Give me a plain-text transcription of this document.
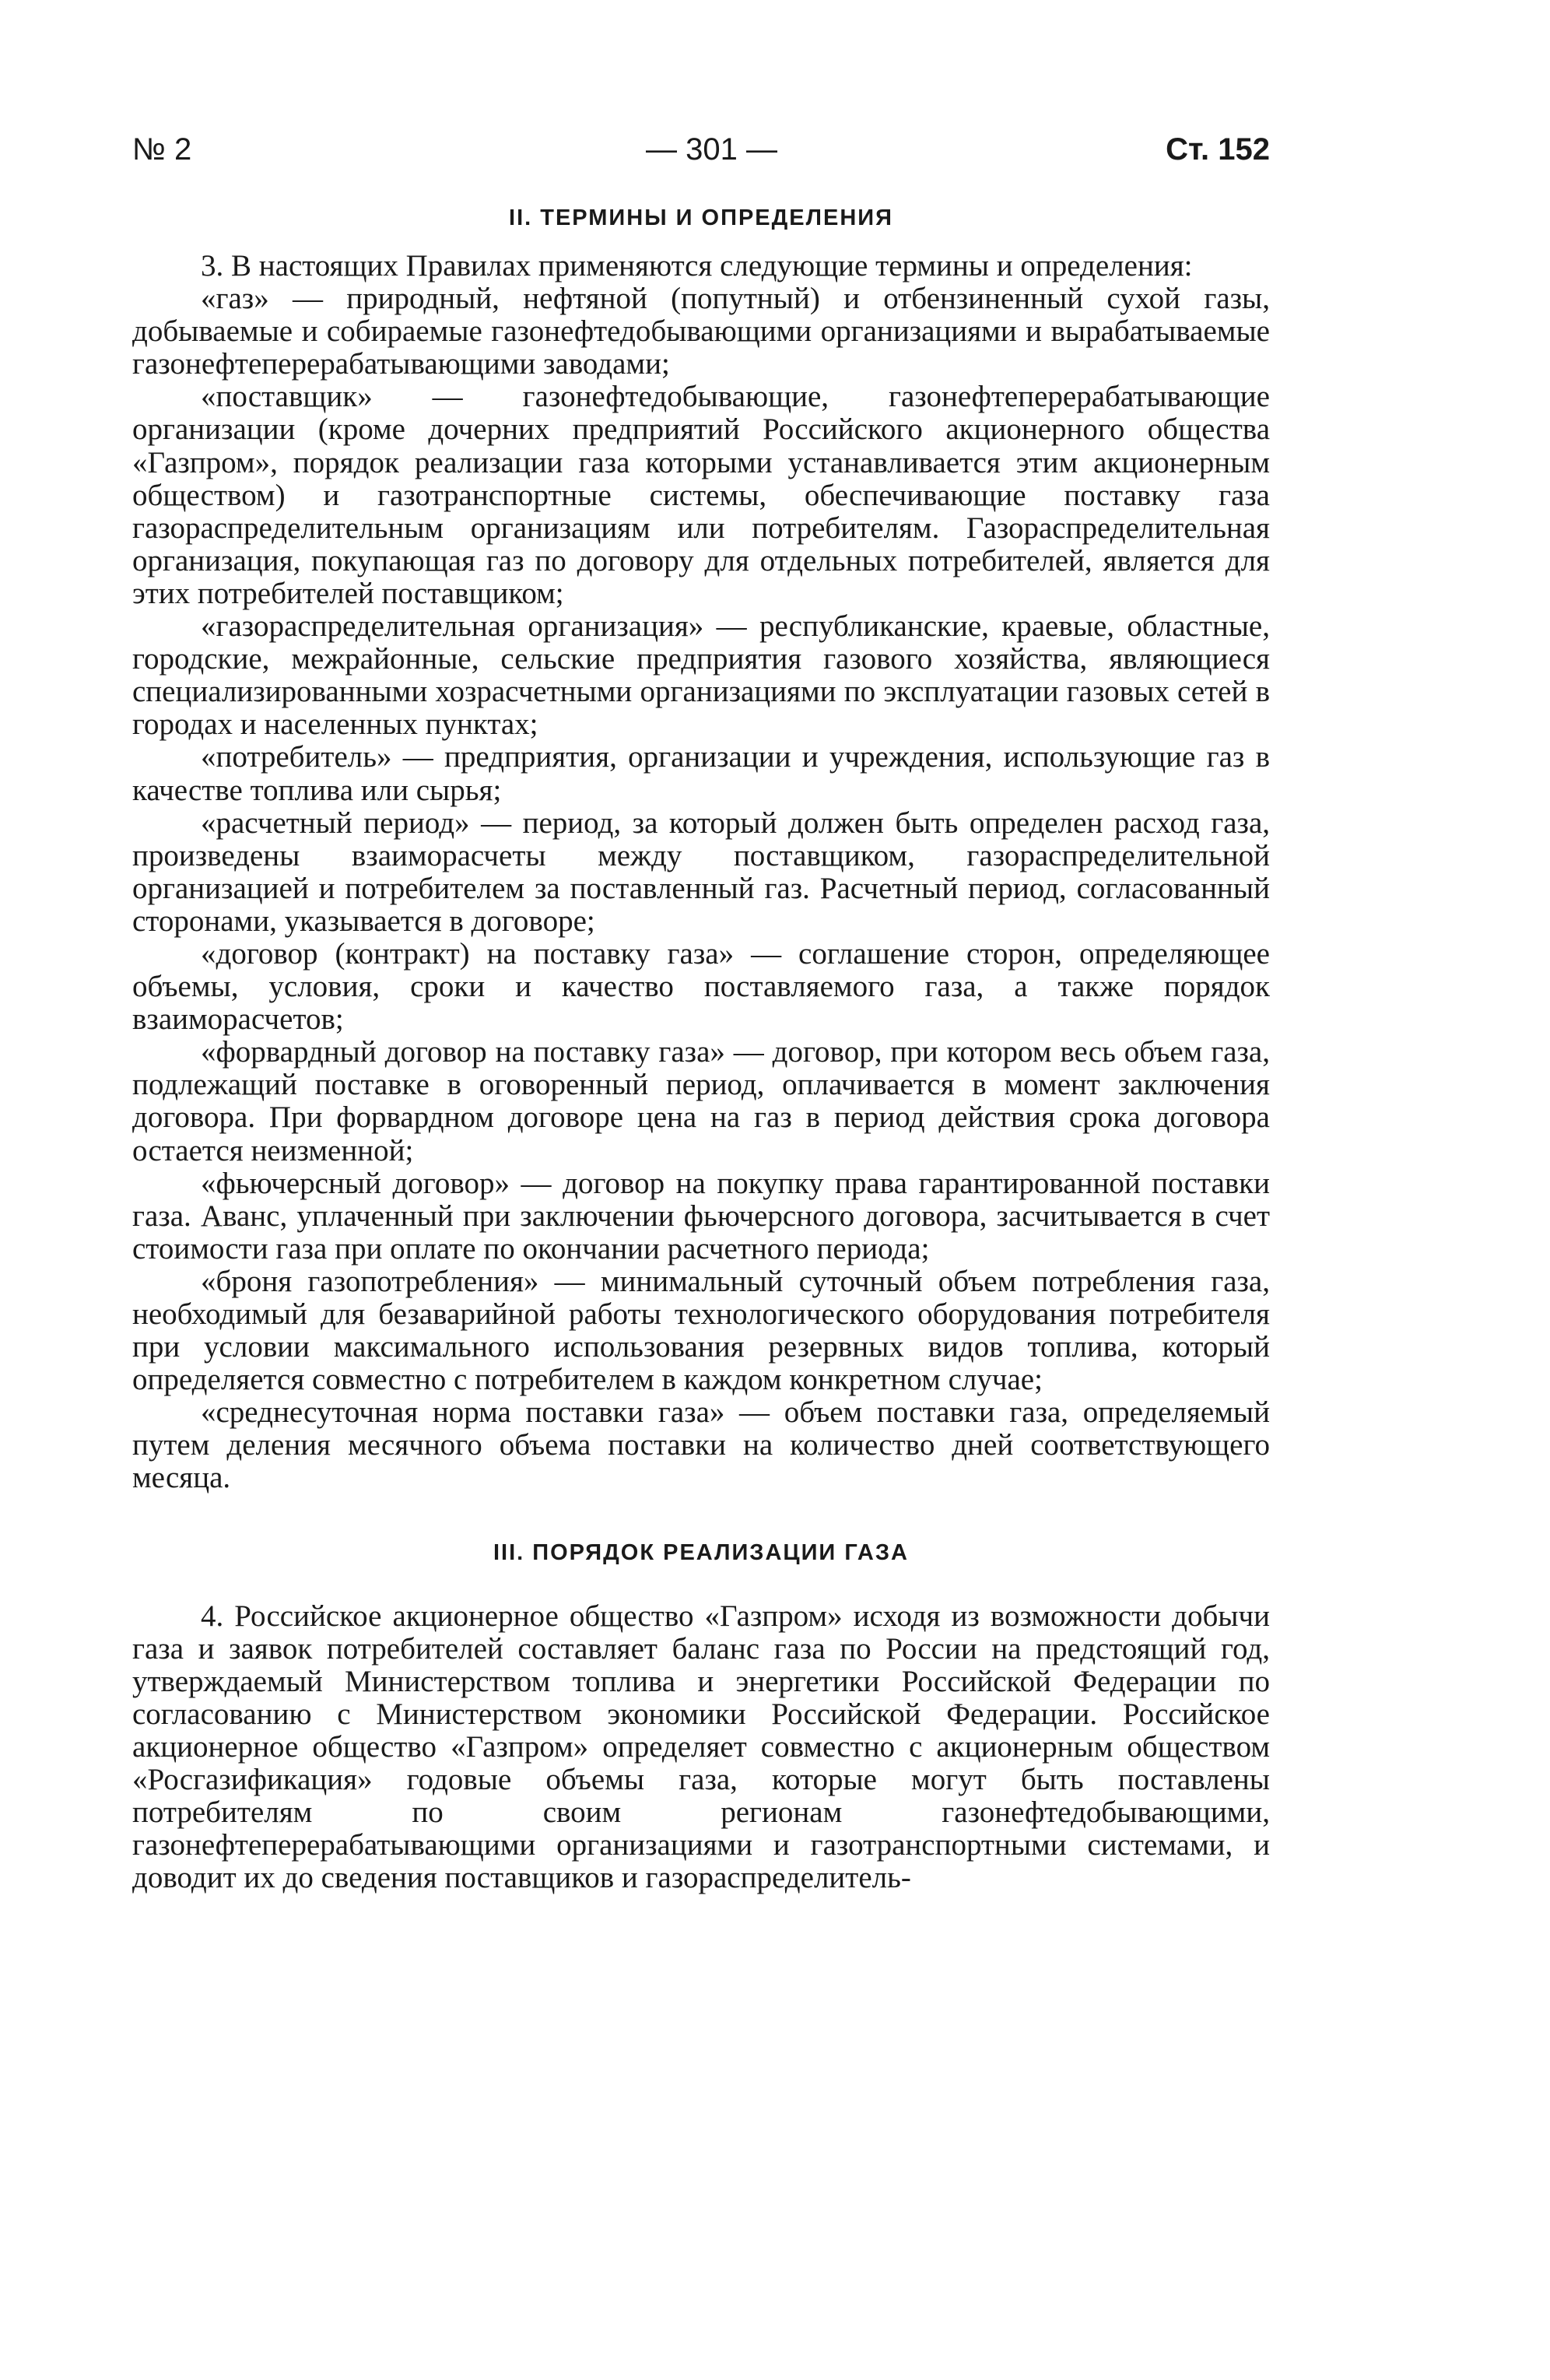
№ 2	— 301 —	Ст. 152
II. ТЕРМИНЫ И ОПРЕДЕЛЕНИЯ

3. В настоящих Правилах применяются следующие термины и определения:

«газ» — природный, нефтяной (попутный) и отбензиненный сухой газы, добываемые и собираемые газонефтедобывающими организациями и вырабатываемые газонефтеперерабатывающими заводами;

«поставщик» — газонефтедобывающие, газонефтеперерабатывающие организации (кроме дочерних предприятий Российского акционерного общества «Газпром», порядок реализации газа которыми устанавливается этим акционерным обществом) и газотранспортные системы, обеспечивающие поставку газа газораспределительным организациям или потребителям. Газораспределительная организация, покупающая газ по договору для отдельных потребителей, является для этих потребителей поставщиком;

«газораспределительная организация» — республиканские, краевые, областные, городские, межрайонные, сельские предприятия газового хозяйства, являющиеся специализированными хозрасчетными организациями по эксплуатации газовых сетей в городах и населенных пунктах;

«потребитель» — предприятия, организации и учреждения, использующие газ в качестве топлива или сырья;

«расчетный период» — период, за который должен быть определен расход газа, произведены взаиморасчеты между поставщиком, газораспределительной организацией и потребителем за поставленный газ. Расчетный период, согласованный сторонами, указывается в договоре;

«договор (контракт) на поставку газа» — соглашение сторон, определяющее объемы, условия, сроки и качество поставляемого газа, а также порядок взаиморасчетов;

«форвардный договор на поставку газа» — договор, при котором весь объем газа, подлежащий поставке в оговоренный период, оплачивается в момент заключения договора. При форвардном договоре цена на газ в период действия срока договора остается неизменной;

«фьючерсный договор» — договор на покупку права гарантированной поставки газа. Аванс, уплаченный при заключении фьючерсного договора, засчитывается в счет стоимости газа при оплате по окончании расчетного периода;

«броня газопотребления» — минимальный суточный объем потребления газа, необходимый для безаварийной работы технологического оборудования потребителя при условии максимального использования резервных видов топлива, который определяется совместно с потребителем в каждом конкретном случае;

«среднесуточная норма поставки газа» — объем поставки газа, определяемый путем деления месячного объема поставки на количество дней соответствующего месяца.

III. ПОРЯДОК РЕАЛИЗАЦИИ ГАЗА

4. Российское акционерное общество «Газпром» исходя из возможности добычи газа и заявок потребителей составляет баланс газа по России на предстоящий год, утверждаемый Министерством топлива и энергетики Российской Федерации по согласованию с Министерством экономики Российской Федерации. Российское акционерное общество «Газпром» определяет совместно с акционерным обществом «Росгазификация» годовые объемы газа, которые могут быть поставлены потребителям по своим регионам газонефтедобывающими, газонефтеперерабатывающими организациями и газотранспортными системами, и доводит их до сведения поставщиков и газораспределитель-
